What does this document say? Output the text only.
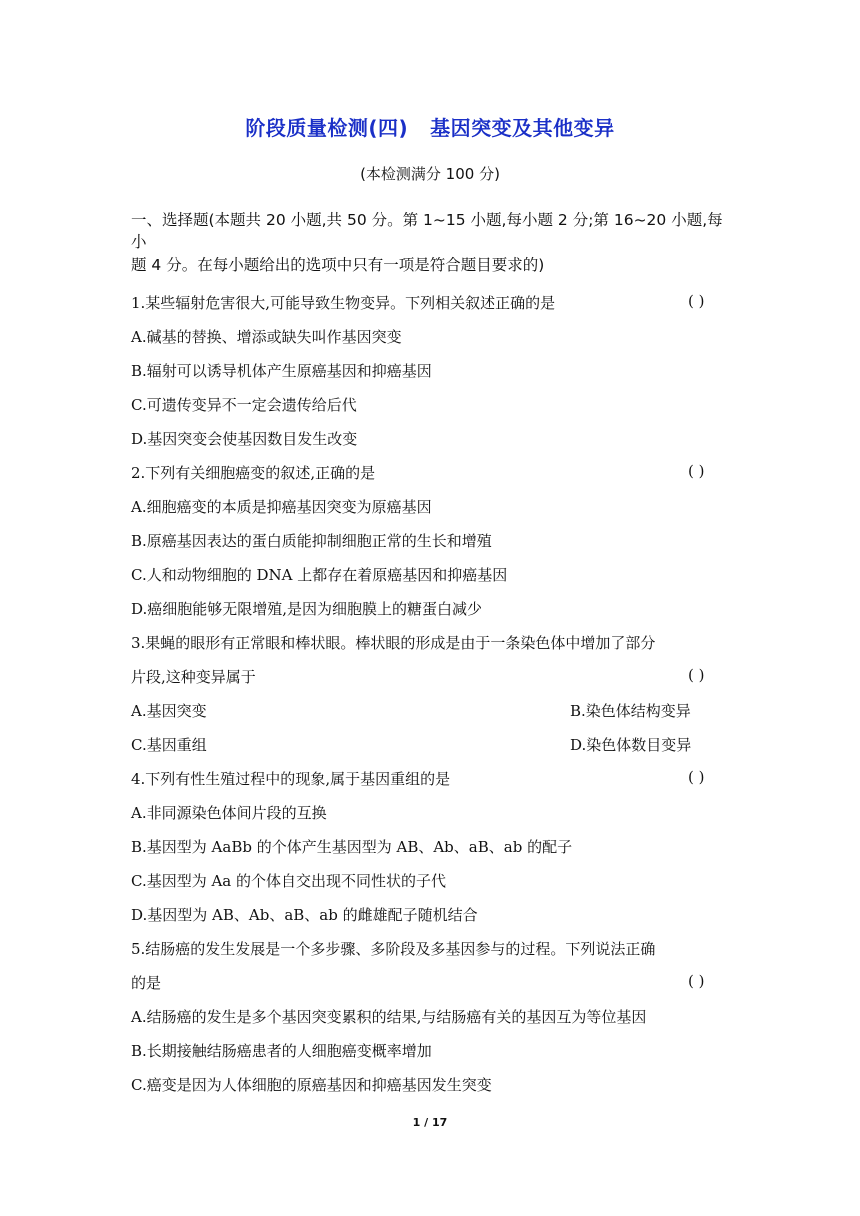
阶段质量检测(四) 基因突变及其他变异
(本检测满分 100 分)
一、选择题(本题共 20 小题,共 50 分。第 1~15 小题,每小题 2 分;第 16~20 小题,每小
题 4 分。在每小题给出的选项中只有一项是符合题目要求的)
1.某些辐射危害很大,可能导致生物变异。下列相关叙述正确的是	( )
A.碱基的替换、增添或缺失叫作基因突变
B.辐射可以诱导机体产生原癌基因和抑癌基因
C.可遗传变异不一定会遗传给后代
D.基因突变会使基因数目发生改变
2.下列有关细胞癌变的叙述,正确的是	( )
A.细胞癌变的本质是抑癌基因突变为原癌基因
B.原癌基因表达的蛋白质能抑制细胞正常的生长和增殖
C.人和动物细胞的 DNA 上都存在着原癌基因和抑癌基因
D.癌细胞能够无限增殖,是因为细胞膜上的糖蛋白减少
3.果蝇的眼形有正常眼和棒状眼。棒状眼的形成是由于一条染色体中增加了部分
片段,这种变异属于	( )
A.基因突变	B.染色体结构变异
C.基因重组	D.染色体数目变异
4.下列有性生殖过程中的现象,属于基因重组的是	( )
A.非同源染色体间片段的互换
B.基因型为 AaBb 的个体产生基因型为 AB、Ab、aB、ab 的配子
C.基因型为 Aa 的个体自交出现不同性状的子代
D.基因型为 AB、Ab、aB、ab 的雌雄配子随机结合
5.结肠癌的发生发展是一个多步骤、多阶段及多基因参与的过程。下列说法正确
的是	( )
A.结肠癌的发生是多个基因突变累积的结果,与结肠癌有关的基因互为等位基因
B.长期接触结肠癌患者的人细胞癌变概率增加
C.癌变是因为人体细胞的原癌基因和抑癌基因发生突变
1 / 17
